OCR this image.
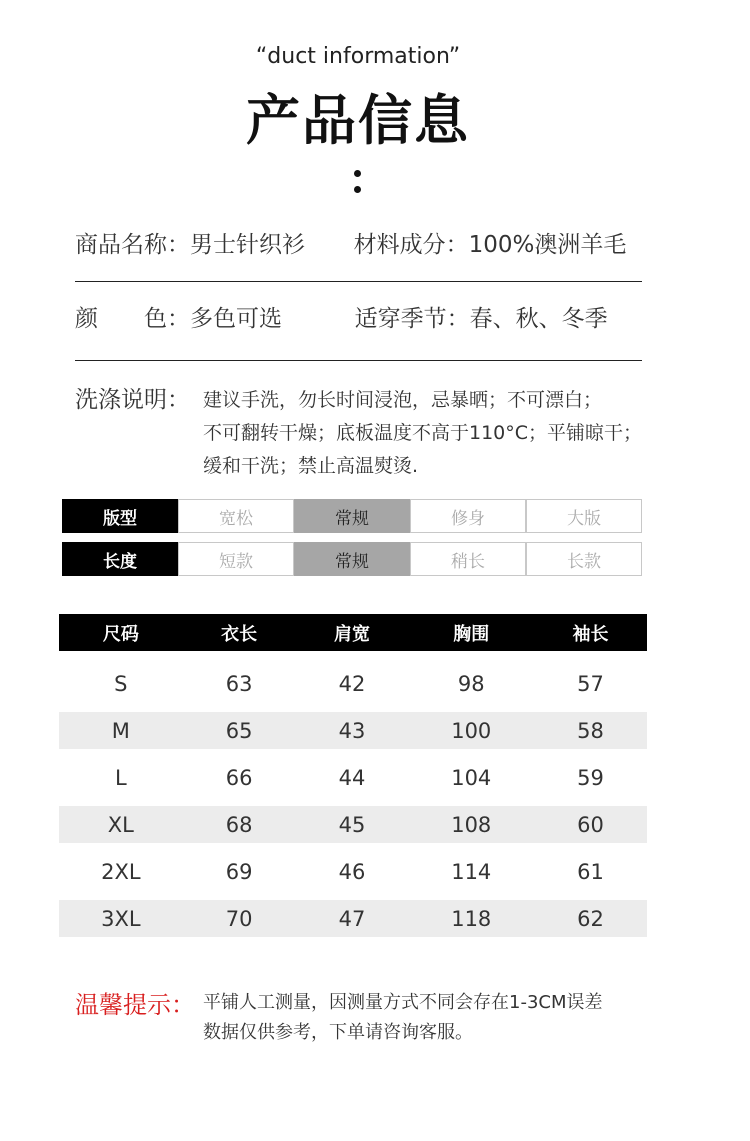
“duct information”
产品信息
商品名称：男士针织衫 材料成分：100%澳洲羊毛
颜　　色：多色可选	适穿季节：春、秋、冬季
洗涤说明： 建议手洗，勿长时间浸泡，忌暴晒；不可漂白；
不可翻转干燥；底板温度不高于110°C；平铺晾干；
缓和干洗；禁止高温熨烫.
版型	宽松	常规	修身	大版
长度	短款	常规	稍长	长款
尺码	衣长	肩宽	胸围	袖长

S	63	42	98	57

M	65	43	100	58

L	66	44	104	59

XL	68	45	108	60

2XL	69	46	114	61

3XL	70	47	118	62
温馨提示： 平铺人工测量，因测量方式不同会存在1-3CM误差
数据仅供参考，下单请咨询客服。
